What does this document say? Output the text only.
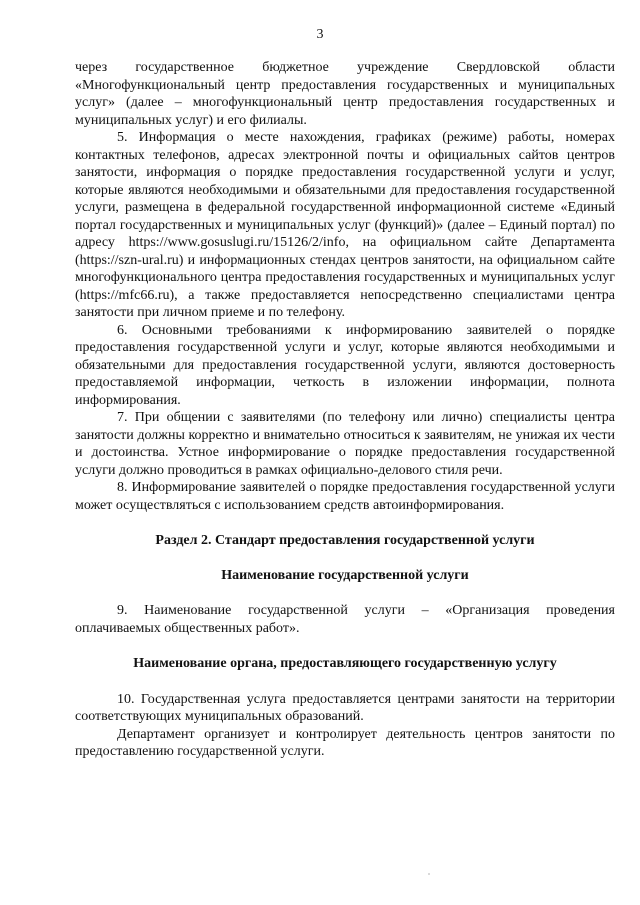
3

через государственное бюджетное учреждение Свердловской области «Многофункциональный центр предоставления государственных и муниципальных услуг» (далее – многофункциональный центр предоставления государственных и муниципальных услуг) и его филиалы.

5. Информация о месте нахождения, графиках (режиме) работы, номерах контактных телефонов, адресах электронной почты и официальных сайтов центров занятости, информация о порядке предоставления государственной услуги и услуг, которые являются необходимыми и обязательными для предоставления государственной услуги, размещена в федеральной государственной информационной системе «Единый портал государственных и муниципальных услуг (функций)» (далее – Единый портал) по адресу https://www.gosuslugi.ru/15126/2/info, на официальном сайте Департамента (https://szn-ural.ru) и информационных стендах центров занятости, на официальном сайте многофункционального центра предоставления государственных и муниципальных услуг (https://mfc66.ru), а также предоставляется непосредственно специалистами центра занятости при личном приеме и по телефону.

6. Основными требованиями к информированию заявителей о порядке предоставления государственной услуги и услуг, которые являются необходимыми и обязательными для предоставления государственной услуги, являются достоверность предоставляемой информации, четкость в изложении информации, полнота информирования.

7. При общении с заявителями (по телефону или лично) специалисты центра занятости должны корректно и внимательно относиться к заявителям, не унижая их чести и достоинства. Устное информирование о порядке предоставления государственной услуги должно проводиться в рамках официально-делового стиля речи.

8. Информирование заявителей о порядке предоставления государственной услуги может осуществляться с использованием средств автоинформирования.

Раздел 2. Стандарт предоставления государственной услуги

Наименование государственной услуги

9. Наименование государственной услуги – «Организация проведения оплачиваемых общественных работ».

Наименование органа, предоставляющего государственную услугу

10. Государственная услуга предоставляется центрами занятости на территории соответствующих муниципальных образований.

Департамент организует и контролирует деятельность центров занятости по предоставлению государственной услуги.
